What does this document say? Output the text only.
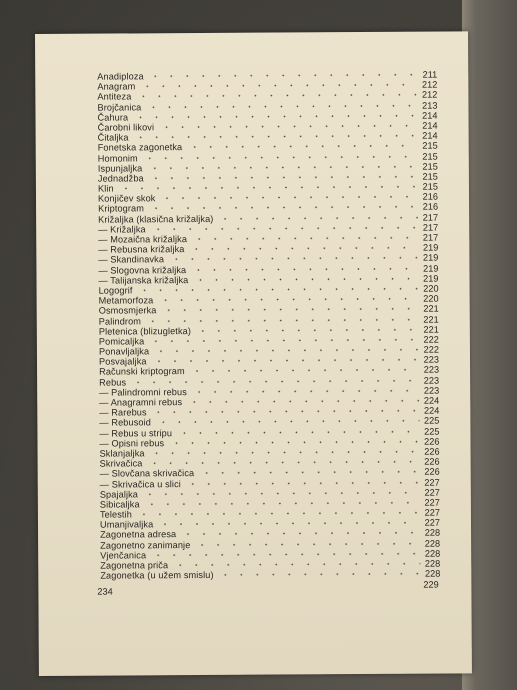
Anadiploza	211
Anagram	212
Antiteza	212
Brojčanica	213
Čahura	214
Čarobni likovi	214
Čitaljka	214
Fonetska zagonetka	215
Homonim	215
Ispunjaljka	215
Jednadžba	215
Klin	215
Konjičev skok	216
Kriptogram	216
Križaljka (klasična križaljka)	217
— Križaljka	217
— Mozaična križaljka	217
— Rebusna križaljka	219
— Skandinavka	219
— Slogovna križaljka	219
— Talijanska križaljka	219
Logogrif	220
Metamorfoza	220
Osmosmjerka	221
Palindrom	221
Pletenica (blizugletka)	221
Pomicaljka	222
Ponavljaljka	222
Posvajaljka	223
Računski kriptogram	223
Rebus	223
— Palindromni rebus	223
— Anagramni rebus	224
— Rarebus	224
— Rebusoid	225
— Rebus u stripu	225
— Opisni rebus	226
Sklanjaljka	226
Skrivačica	226
— Slovčana skrivačica	226
— Skrivačica u slici	227
Spajaljka	227
Sibicaljka	227
Telestih	227
Umanjivaljka	227
Zagonetna adresa	228
Zagonetno zanimanje	228
Vjenčanica	228
Zagonetna priča	228
Zagonetka (u užem smislu)	228
234
229
